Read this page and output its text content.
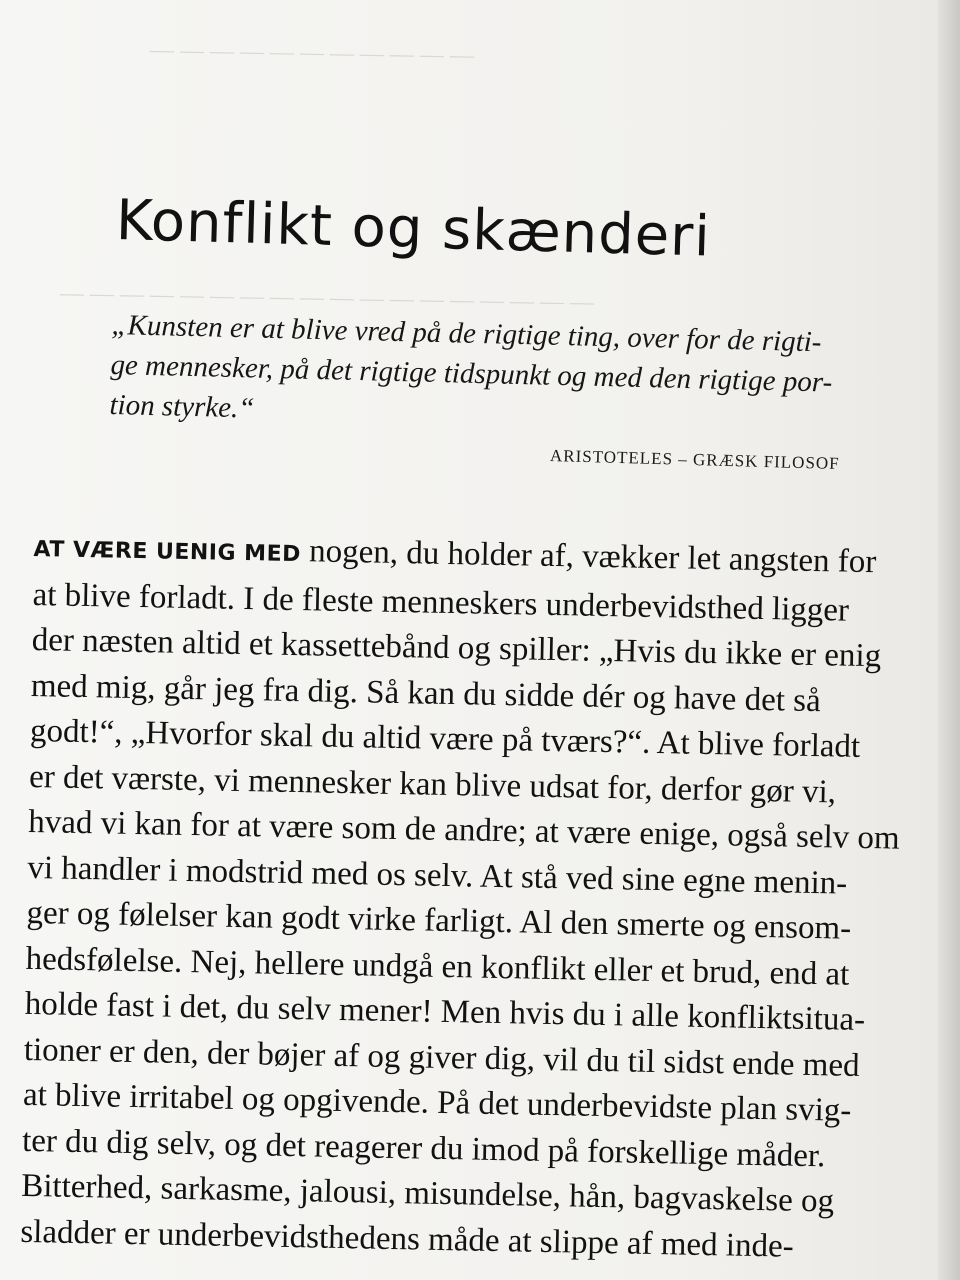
― ― ― ― ― ― ― ― ― ― ―
― ― ― ― ― ― ― ― ― ― ― ― ― ― ― ― ― ―
Konflikt og skænderi
„Kunsten er at blive vred på de rigtige ting, over for de rigti-
ge mennesker, på det rigtige tidspunkt og med den rigtige por-
tion styrke.“
ARISTOTELES – GRÆSK FILOSOF
AT VÆRE UENIG MED nogen, du holder af, vækker let angsten for
at blive forladt. I de fleste menneskers underbevidsthed ligger
der næsten altid et kassettebånd og spiller: „Hvis du ikke er enig
med mig, går jeg fra dig. Så kan du sidde dér og have det så
godt!“, „Hvorfor skal du altid være på tværs?“. At blive forladt
er det værste, vi mennesker kan blive udsat for, derfor gør vi,
hvad vi kan for at være som de andre; at være enige, også selv om
vi handler i modstrid med os selv. At stå ved sine egne menin-
ger og følelser kan godt virke farligt. Al den smerte og ensom-
hedsfølelse. Nej, hellere undgå en konflikt eller et brud, end at
holde fast i det, du selv mener! Men hvis du i alle konfliktsitua-
tioner er den, der bøjer af og giver dig, vil du til sidst ende med
at blive irritabel og opgivende. På det underbevidste plan svig-
ter du dig selv, og det reagerer du imod på forskellige måder.
Bitterhed, sarkasme, jalousi, misundelse, hån, bagvaskelse og
sladder er underbevidsthedens måde at slippe af med inde-
